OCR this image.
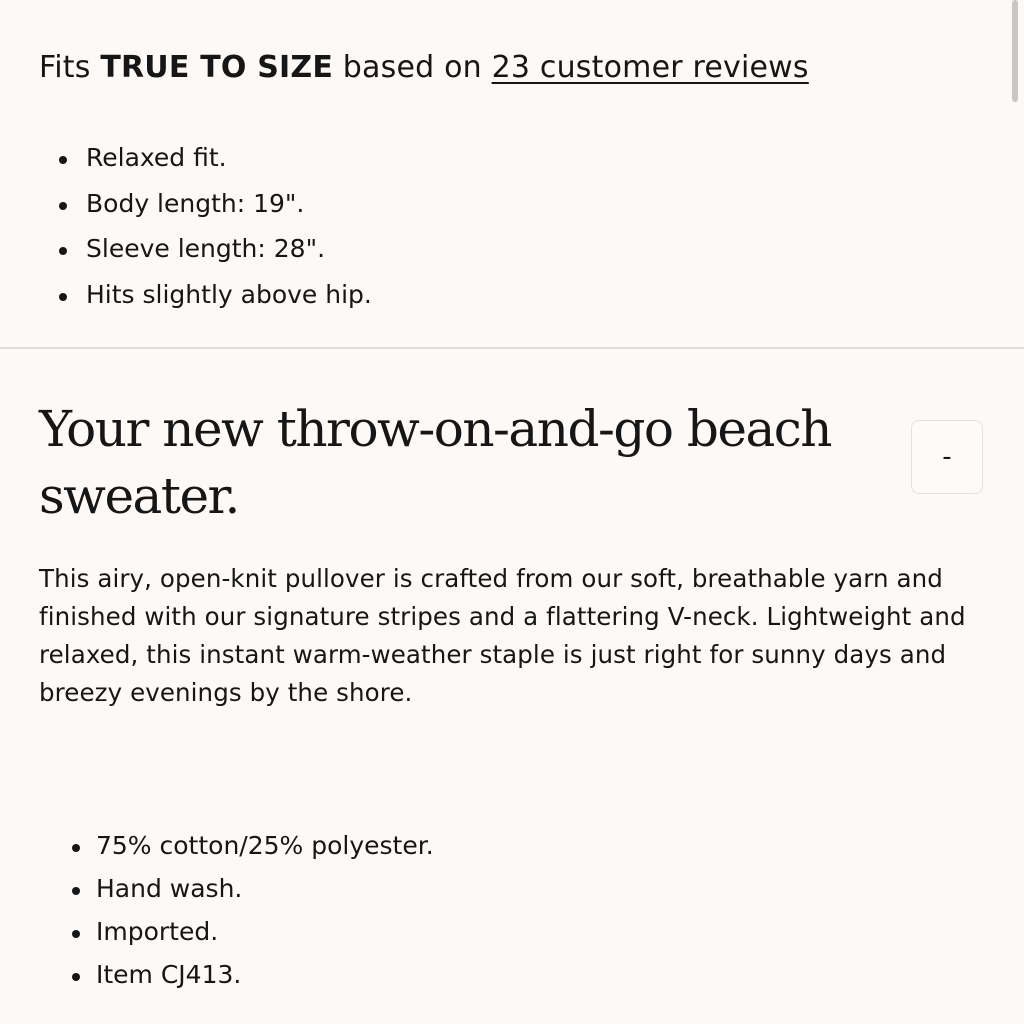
Fits TRUE TO SIZE based on 23 customer reviews
Relaxed fit.
Body length: 19".
Sleeve length: 28".
Hits slightly above hip.
Your new throw-on-and-go beach sweater.
-

This airy, open-knit pullover is crafted from our soft, breathable yarn and finished with our signature stripes and a flattering V-neck. Lightweight and relaxed, this instant warm-weather staple is just right for sunny days and breezy evenings by the shore.

75% cotton/25% polyester.
Hand wash.
Imported.
Item CJ413.
